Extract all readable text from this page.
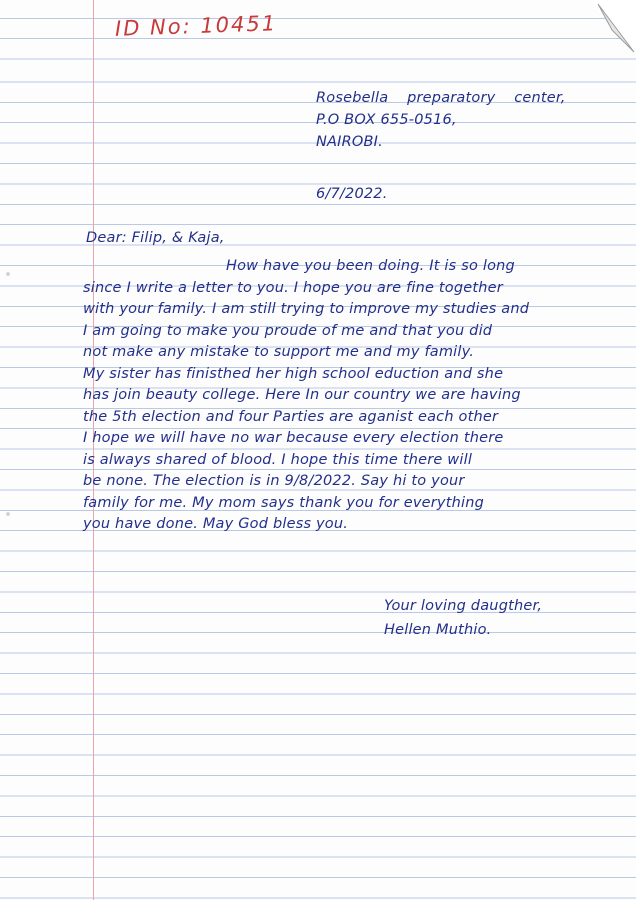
ID No: 10451
Rosebella preparatory center,
P.O BOX 655-0516,
NAIROBI.
6/7/2022.
Dear: Filip, & Kaja,
How have you been doing. It is so long
since I write a letter to you. I hope you are fine together
with your family. I am still trying to improve my studies and
I am going to make you proude of me and that you did
not make any mistake to support me and my family.
My sister has finisthed her high school eduction and she
has join beauty college. Here In our country we are having
the 5th election and four Parties are aganist each other
I hope we will have no war because every election there
is always shared of blood. I hope this time there will
be none. The election is in 9/8/2022. Say hi to your
family for me. My mom says thank you for everything
you have done. May God bless you.
Your loving daugther,
Hellen Muthio.
